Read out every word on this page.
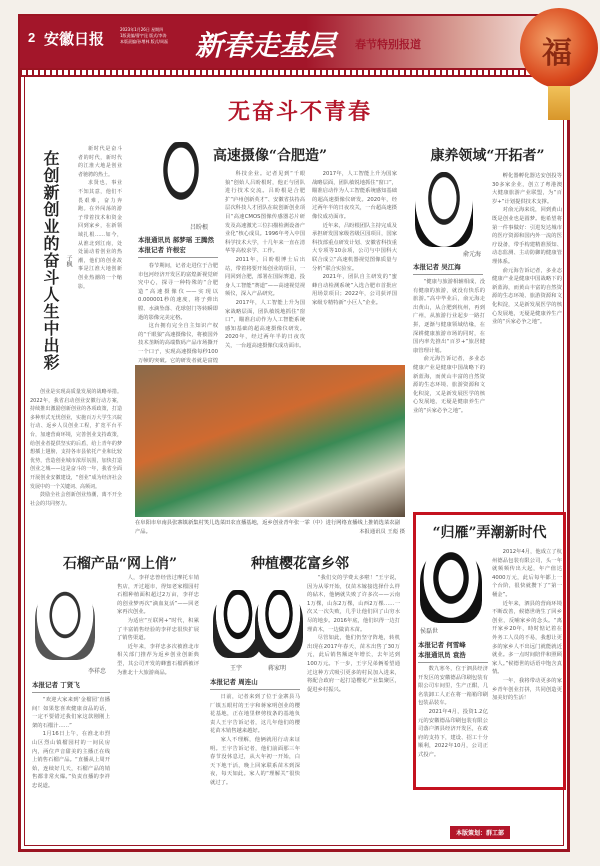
2 安徽日报
2023年1月26日 星期四
1版责编/曹宇昆 版式/李涛
本版责编/孙增林 版式/周磊 新春走基层 春节特别报道	福
无奋斗不青春
在创新创业的奋斗人生中出彩 子枫

新时代是奋斗者的时代，新时代的江淮大地是创业者驰骋的热土。

求贤也，事业不知其意，他们不畏艰难，奋力奔跑。在外闯荡的游子带着技术和资金回到家乡，在新领域扎根……如今，从淮北到江南，处处涌动着创业的热潮，他们的创业故事是江淮大地创新创业热潮的一个缩影。

创业是实现高质量发展的战略举措。2022年，我省启动创业安徽行动方案，持续推出激励创新创业的各项政策，打造多种形式无忧创业，实施百万大学生兴皖行动、返乡人员创业工程，扩宽平台平台，加速营商环境，完善创业支持政策，给创业者提供坚实的后盾，给上青年的梦想插上翅膀，支持各市县依托产业和比较优势，营造创业城市浓厚氛围，加快打造创业之城——这是奋斗的一年，我省全面开展创业安徽建设，“创业”成为经济社会发展中的一个关键词、高频词。

鼓励全社会创新创业热潮，离不开全社会的共同努力。

高速摄像“合肥造”
吕盼根
本报通讯员 郝梦瑶 王腾然
本报记者 许根宏

春节期间，记者走进位于合肥市包河经济开发区的富煌新视觉研究中心，探寻一种特殊的“合肥造”高速摄像仪——实现以0.000001秒的速度，将子弹出膛、水滴坠落、花球射门等转瞬即逝的影像完美定格。

这台拥有完全自主知识产权的“千眼狼”高速摄像仪，将被国外技术垄断的高端数码产品市场撕开一个口子，实现高速摄像每秒100万帧的突破。它的研发者就是富煌

科技企业。记者见到“千眼狼”创始人吕盼根时，他正与团队进行技术交流。吕盼根是合肥扩“庐州创新英才”、安徽省扶持高层次科技人才团队在皖创新创业项目“高速CMOS图像传感器芯片研发及高速激光三位扫描检测设备产业化”核心成员。1996年考入中国科学技术大学，十几年来一直在清华等高校求学、工作。

2011年，吕盼根博士后出站，带着将要开始创业的项目，一同回到合肥，部署在国际赛道，投身人工智能“赛道”——高速视觉视频仪，深入产品研究。

2017年，人工智能上升为国家战略层面，团队敏锐地抓住“窗口”，瞄准启动作为人工智能系统感知基础的超高速摄像仪研发。2020年，经过两年半的日夜攻关，一台超高速摄像仪成功面市。

2017年，人工智能上升为国家战略层面，团队敏锐地抓住“窗口”，瞄准启动作为人工智能系统感知基础的超高速摄像仪研发。2020年，经过两年半的日夜攻关，一台超高速摄像仪成功面市。

近年来，吕盼根团队主持完成及承担研发国家级省级区园项目，国家科技部重点研发计划、安徽省科技重大专项等10余项，公司与中国科大联合成立“高速机器视觉图像质量与分析”联合实验室。

2021年，团队自主研发的“蜜蜂自动检测系统”入选合肥市首批应用场景项目；2022年，公司获评国家级专精特新“小巨人”企业。

康养领域“开拓者”
俞元海
本报记者 吴江海

“健康与旅游相辅相成，没有健康的旅游，就没有快乐的旅游。”高中毕业后，俞元海走出黄山，从合肥到杭州，再到广州，从旅游行业起步一路打拼，逐渐与健康领域结缘，在深耕健康旅游市场的同时，在国内率先推出“百岁+”旅居健康管理计划。

俞元海告诉记者，多业态健康产业是健康中国战略下的新蓝海，而黄山丰富的自然资源的生态环境、旅游资源和文化积淀，又是新发展医学的核心发展地，无疑是健康养生产业的“兵家必争之地”。

孵化器孵化器达安创投等30多家企业，创立了粤港澳大健康旅游产业联盟，为“百岁+”计划提供技术支撑。

对俞元海来说，回到黄山既是创业也是圆梦。他希望将第一件事做好：引进发达城市的医疗资源和国内外一流的医疗设备，带手构建精准预知、动态监测、主动防御的健康管理体系。

俞元海告诉记者，多业态健康产业是健康中国战略下的新蓝海，而黄山丰富的自然资源的生态环境、旅游资源和文化积淀，又是新发展医学的核心发展地，无疑是健康养生产业的“兵家必争之地”。

在阜阳市阜南县张寨镇新集村笑儿选菜田农直播基地，返乡创业青年张一霏（中）进行网络直播线上推销选菜农副产品。	本报通讯员 王彪 摄	“归雁”弄潮新时代
侯磊世
本报记者 何雪峰
本报通讯员 袁浩

数九寒冬，位于泗县经济开发区的安徽德品印刷包装有限公司车间里，生产正酣，几名装卸工人正在将一箱箱印刷包装品装车。

2021年4月，投资1.2亿元的安徽德品印刷包装有限公司落户泗县经济开发区，在政府的支持下，建设、招工十分顺利，2022年10月，公司正式投产。

2012年4月，他成立了杭州德品包装有限公司，头一年就频频传出大起，年产值达4000万元，此后每年都上一个台阶，很快就攒下了“第一桶金”。

近年来，泗县的营商环境不断改善，候德世萌生了回乡创业，反哺家乡的念头。“离开家乡20年，時时惦记着在外务工人员的不易，我想让更多的家乡人不出远门就能就近就业。多一点时间陪伴和照顾家人。”候德世的话语中饱含真情。

一年，我将带动更多的家乡青年创业打拼，共同创造更加美好的生活！

石榴产品“网上俏”
李祥忠
本报记者 丁贤飞

“欢迎大家来到‘金榴园’直播间！如果您喜欢健康食品的话，一定不要错过我们家这款刚刚上架的石榴汁……”

1月16日上午，在淮北市烈山区烈山镇榴园村的一间民房内，两位声音甜美的主播正在线上销售石榴产品。“直播从上周开始，连续好几天，石榴产品的销售都非常火爆。”负责直播的李祥忠说道。

人，李祥忠曾经营过摩托车销售店，开过超市，得知老家榴园村石榴种植面积超过2万亩，李祥忠的创业梦再次“滴血复活”——回老家再次创业。

为适应“互联网+”时代，积累了丰富销售经验的李祥忠很快扩展了销售渠道。

近年来，李祥忠多次被淮北市相关部门推荐为返乡创业创新典型，其公司开发的蜂蜜石榴酒被评为淮北十大旅游商品。

种植樱花富乡邻
王宇	蒋家明
本报记者 周连山

日前，记者来到了位于金寨县马厂镇五眼村的王宇和蒋家明创业的樱花基地，正在地里修剪枝条的基地负责人王宇告诉记者，这几年他们的樱花苗木销售越来越好。

家人不理解，他俩就用行动来证明。王宇告诉记者，他们前面那三年春节没休息过，从大年初一开始，白天下地干活，晚上回家联系苗木到深夜，每天如此。家人的“理解关”很快就过了。

“我们交的学费太多啦！”王宇说，因为从零开始，仅苗木嫁接选择什么样的砧木，他俩就失败了许多次——云南1万棵，山东2万棵，山西2万棵……一次又一次失败，几乎让他们回了山穷水尽的地步。2016年底，他们识得一边打理苗木，一边做苗木苗。

尽管如此，他们仍坚守阵地，转机出现在2017年春天，苗木出售了30万元，此后销售额逐年增长，去年达到100万元。下一步，王宇兄弟俩希望通过这种方式吸引更多的村民加入进来，将配合政府一起打造樱花产业集聚区，促进乡村振兴。

本版策划：群工部
